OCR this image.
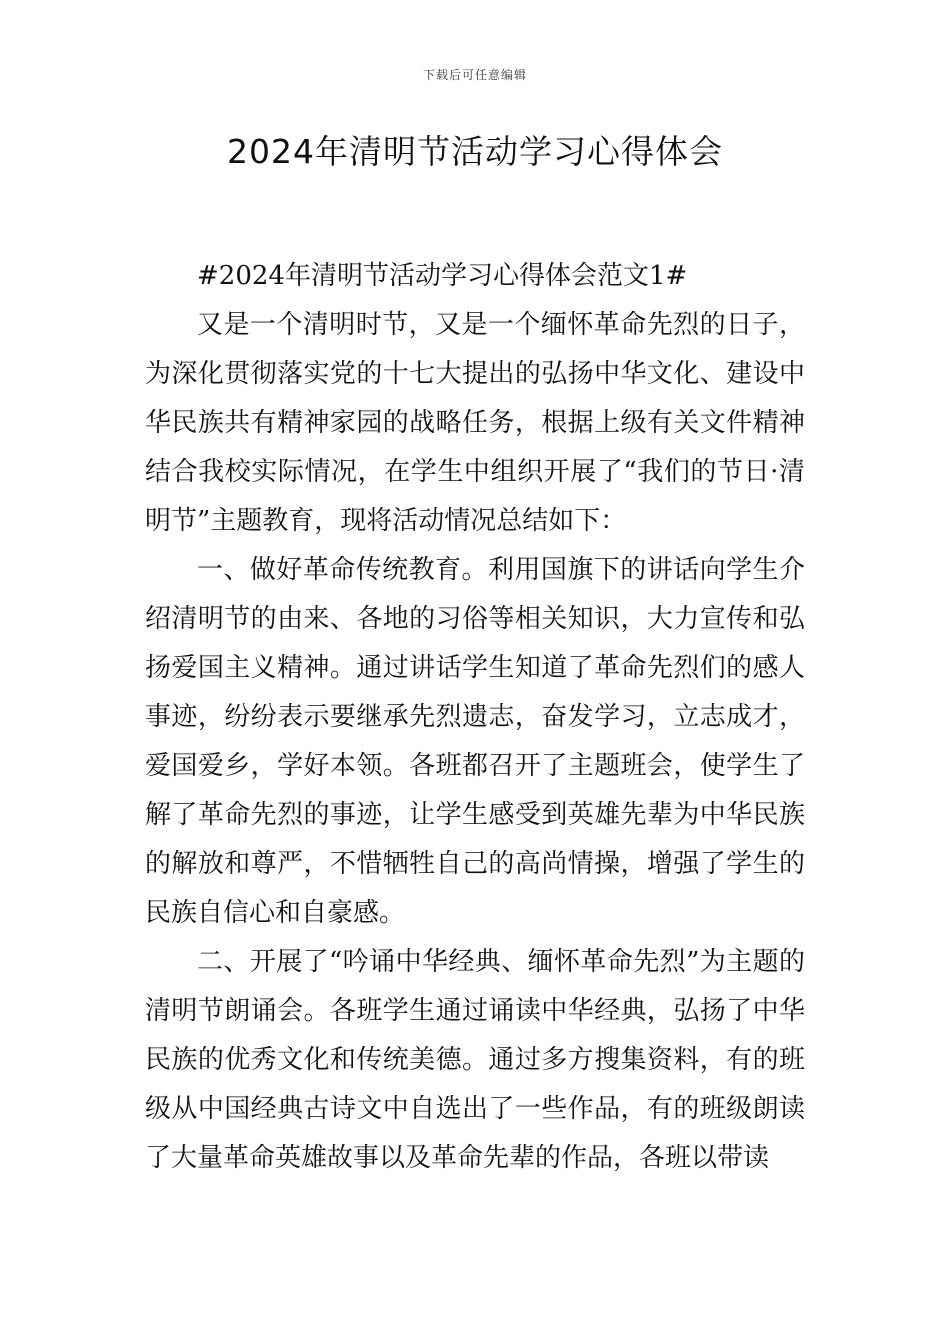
下载后可任意编辑
2024年清明节活动学习心得体会

#2024年清明节活动学习心得体会范文1#

又是一个清明时节，又是一个缅怀革命先烈的日子，为深化贯彻落实党的十七大提出的弘扬中华文化、建设中华民族共有精神家园的战略任务，根据上级有关文件精神结合我校实际情况，在学生中组织开展了“我们的节日·清明节”主题教育，现将活动情况总结如下：

一、做好革命传统教育。利用国旗下的讲话向学生介绍清明节的由来、各地的习俗等相关知识，大力宣传和弘扬爱国主义精神。通过讲话学生知道了革命先烈们的感人事迹，纷纷表示要继承先烈遗志，奋发学习，立志成才，爱国爱乡，学好本领。各班都召开了主题班会，使学生了解了革命先烈的事迹，让学生感受到英雄先辈为中华民族的解放和尊严，不惜牺牲自己的高尚情操，增强了学生的民族自信心和自豪感。

二、开展了“吟诵中华经典、缅怀革命先烈”为主题的清明节朗诵会。各班学生通过诵读中华经典，弘扬了中华民族的优秀文化和传统美德。通过多方搜集资料，有的班级从中国经典古诗文中自选出了一些作品，有的班级朗读了大量革命英雄故事以及革命先辈的作品，各班以带读
